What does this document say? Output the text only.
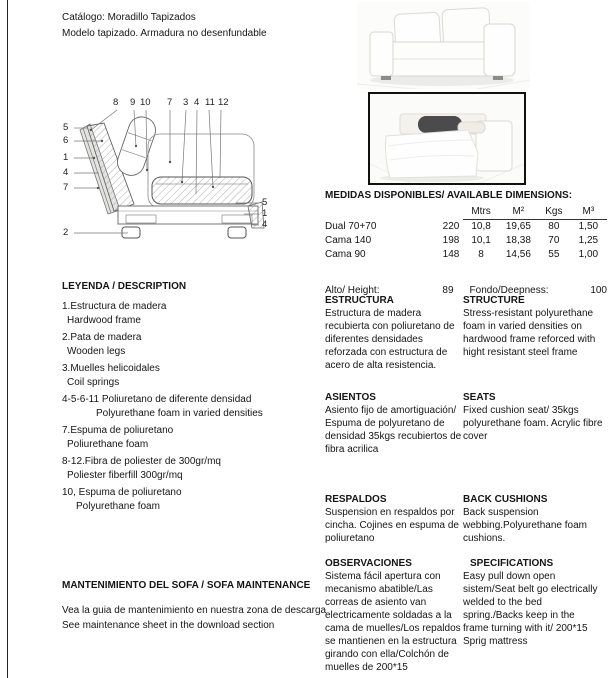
Catálogo: Moradillo Tapizados
Modelo tapizado. Armadura no desenfundable
8 9 10 7 3 4 11 12
5
6
1
4
7
2
5
1
4
MEDIDAS DISPONIBLES/ AVAILABLE DIMENSIONS:
Mtrs	M²	Kgs	M³
Dual 70+70	220	10,8	19,65	80	1,50
Cama 140	198	10,1	18,38	70	1,25
Cama 90	148	8	14,56	55	1,00
Alto/ Height:	89	Fondo/Deepness:	100
LEYENDA / DESCRIPTION
1.Estructura de madera
Hardwood frame
2.Pata de madera
Wooden legs
3.Muelles helicoidales
Coil springs
4-5-6-11 Poliuretano de diferente densidad
Polyurethane foam in varied densities
7.Espuma de poliuretano
Poliurethane foam
8-12.Fibra de poliester de 300gr/mq
Poliester fiberfill 300gr/mq
10, Espuma de poliuretano
Polyurethane foam
ESTRUCTURA
Estructura de madera recubierta con poliuretano de diferentes densidades reforzada con estructura de acero de alta resistencia.
STRUCTURE
Stress-resistant polyurethane foam in varied densities on hardwood frame reforced with hight resistant steel frame
ASIENTOS
Asiento fijo de amortiguación/ Espuma de polyuretano de densidad 35kgs recubiertos de fibra acrilica
SEATS
Fixed cushion seat/ 35kgs polyurethane foam. Acrylic fibre cover
RESPALDOS
Suspension en respaldos por cincha. Cojines en espuma de poliuretano
BACK CUSHIONS
Back suspension webbing.Polyurethane foam cushions.
OBSERVACIONES
Sistema fácil apertura con mecanismo abatible/Las correas de asiento van electricamente soldadas a la cama de muelles/Los repaldos se mantienen en la estructura girando con ella/Colchón de muelles de 200*15
SPECIFICATIONS
Easy pull down open sistem/Seat belt go electrically welded to the bed spring./Backs keep in the frame turning with it/ 200*15 Sprig mattress
MANTENIMIENTO DEL SOFA / SOFA MAINTENANCE
Vea la guia de mantenimiento en nuestra zona de descarga
See maintenance sheet in the download section
